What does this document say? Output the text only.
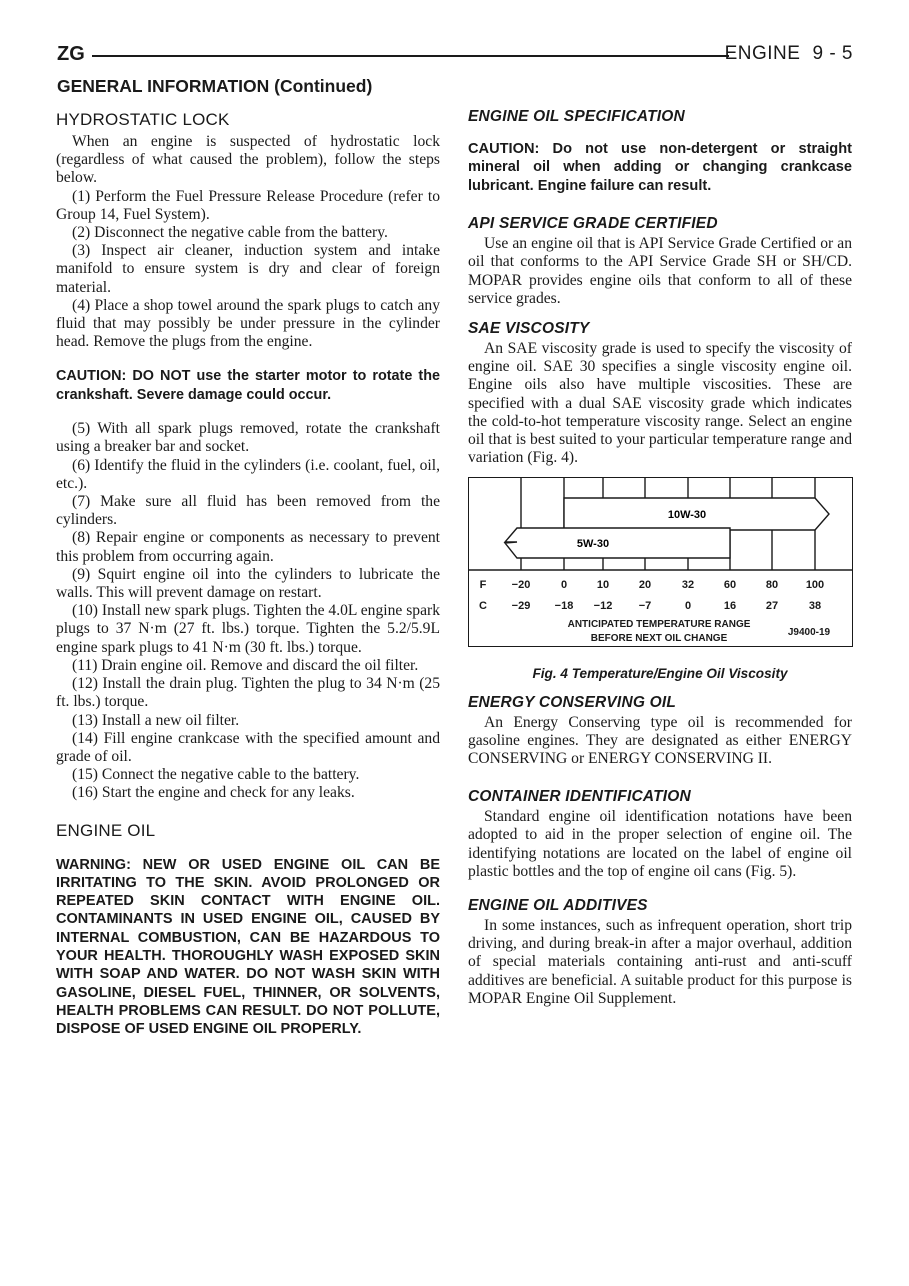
ZG	ENGINE 9 - 5
GENERAL INFORMATION (Continued)
HYDROSTATIC LOCK

When an engine is suspected of hydrostatic lock (regardless of what caused the problem), follow the steps below.

(1) Perform the Fuel Pressure Release Procedure (refer to Group 14, Fuel System).

(2) Disconnect the negative cable from the battery.

(3) Inspect air cleaner, induction system and intake manifold to ensure system is dry and clear of foreign material.

(4) Place a shop towel around the spark plugs to catch any fluid that may possibly be under pressure in the cylinder head. Remove the plugs from the engine.

CAUTION: DO NOT use the starter motor to rotate the crankshaft. Severe damage could occur.

(5) With all spark plugs removed, rotate the crankshaft using a breaker bar and socket.

(6) Identify the fluid in the cylinders (i.e. coolant, fuel, oil, etc.).

(7) Make sure all fluid has been removed from the cylinders.

(8) Repair engine or components as necessary to prevent this problem from occurring again.

(9) Squirt engine oil into the cylinders to lubricate the walls. This will prevent damage on restart.

(10) Install new spark plugs. Tighten the 4.0L engine spark plugs to 37 N·m (27 ft. lbs.) torque. Tighten the 5.2/5.9L engine spark plugs to 41 N·m (30 ft. lbs.) torque.

(11) Drain engine oil. Remove and discard the oil filter.

(12) Install the drain plug. Tighten the plug to 34 N·m (25 ft. lbs.) torque.

(13) Install a new oil filter.

(14) Fill engine crankcase with the specified amount and grade of oil.

(15) Connect the negative cable to the battery.

(16) Start the engine and check for any leaks.

ENGINE OIL

WARNING: NEW OR USED ENGINE OIL CAN BE IRRITATING TO THE SKIN. AVOID PROLONGED OR REPEATED SKIN CONTACT WITH ENGINE OIL. CONTAMINANTS IN USED ENGINE OIL, CAUSED BY INTERNAL COMBUSTION, CAN BE HAZARDOUS TO YOUR HEALTH. THOROUGHLY WASH EXPOSED SKIN WITH SOAP AND WATER. DO NOT WASH SKIN WITH GASOLINE, DIESEL FUEL, THINNER, OR SOLVENTS, HEALTH PROBLEMS CAN RESULT. DO NOT POLLUTE, DISPOSE OF USED ENGINE OIL PROPERLY.

ENGINE OIL SPECIFICATION

CAUTION: Do not use non-detergent or straight mineral oil when adding or changing crankcase lubricant. Engine failure can result.

API SERVICE GRADE CERTIFIED

Use an engine oil that is API Service Grade Certified or an oil that conforms to the API Service Grade SH or SH/CD. MOPAR provides engine oils that conform to all of these service grades.

SAE VISCOSITY

An SAE viscosity grade is used to specify the viscosity of engine oil. SAE 30 specifies a single viscosity engine oil. Engine oils also have multiple viscosities. These are specified with a dual SAE viscosity grade which indicates the cold-to-hot temperature viscosity range. Select an engine oil that is best suited to your particular temperature range and variation (Fig. 4).

10W-30
5W-30
F −20	0	10	20	32	60	80	100
C −29 −18 −12 −7	0	16	27	38
ANTICIPATED TEMPERATURE RANGE
BEFORE NEXT OIL CHANGE
J9400-19

Fig. 4 Temperature/Engine Oil Viscosity

ENERGY CONSERVING OIL

An Energy Conserving type oil is recommended for gasoline engines. They are designated as either ENERGY CONSERVING or ENERGY CONSERVING II.

CONTAINER IDENTIFICATION

Standard engine oil identification notations have been adopted to aid in the proper selection of engine oil. The identifying notations are located on the label of engine oil plastic bottles and the top of engine oil cans (Fig. 5).

ENGINE OIL ADDITIVES

In some instances, such as infrequent operation, short trip driving, and during break-in after a major overhaul, addition of special materials containing anti-rust and anti-scuff additives are beneficial. A suitable product for this purpose is MOPAR Engine Oil Supplement.
